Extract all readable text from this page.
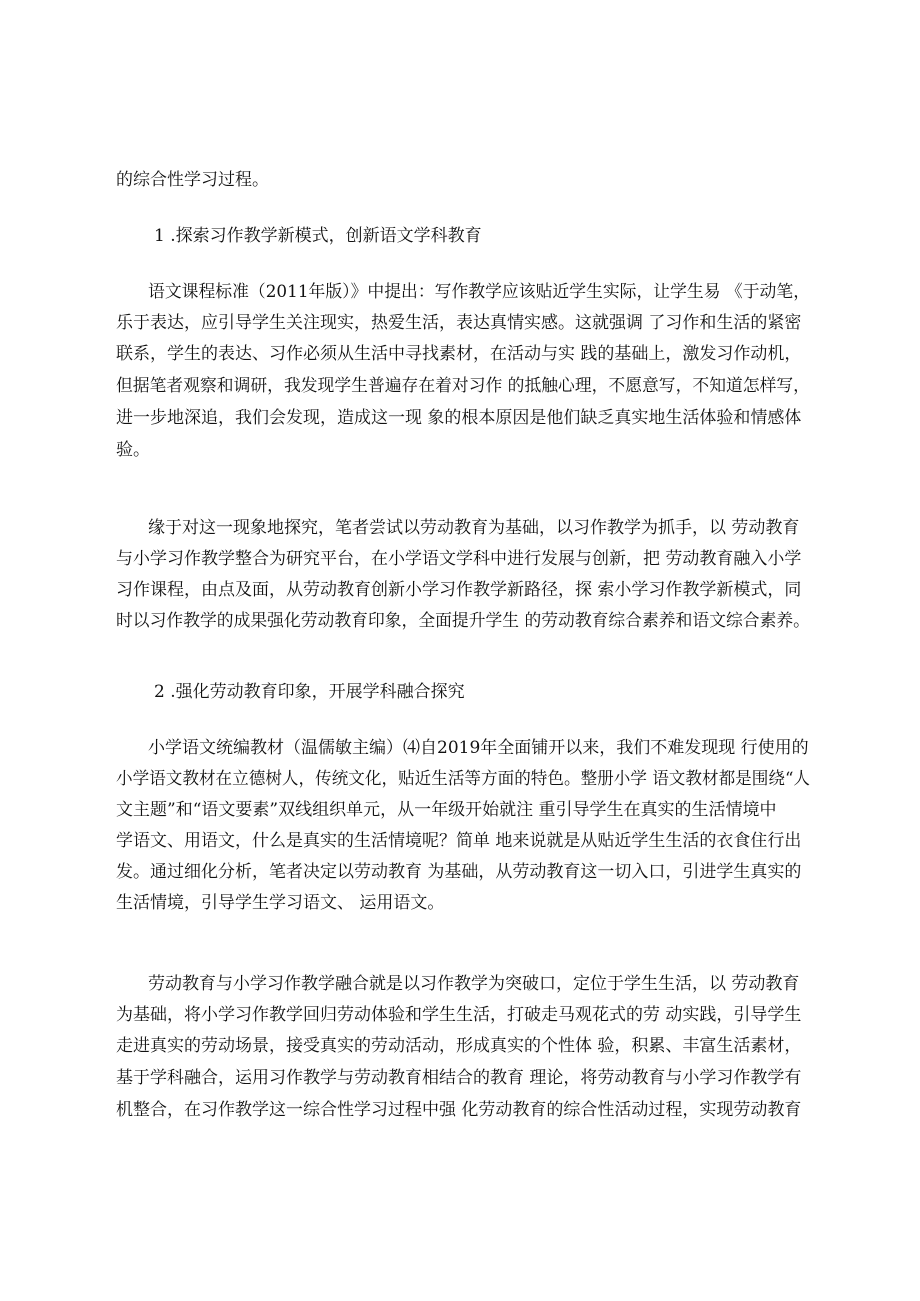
的综合性学习过程。
1 .探索习作教学新模式，创新语文学科教育
语文课程标准（2011年版）》中提出：写作教学应该贴近学生实际，让学生易 《于动笔，
乐于表达，应引导学生关注现实，热爱生活，表达真情实感。这就强调 了习作和生活的紧密
联系，学生的表达、习作必须从生活中寻找素材，在活动与实 践的基础上，激发习作动机，
但据笔者观察和调研，我发现学生普遍存在着对习作 的抵触心理，不愿意写，不知道怎样写，
进一步地深追，我们会发现，造成这一现 象的根本原因是他们缺乏真实地生活体验和情感体
验。
缘于对这一现象地探究，笔者尝试以劳动教育为基础，以习作教学为抓手，以 劳动教育
与小学习作教学整合为研究平台，在小学语文学科中进行发展与创新，把 劳动教育融入小学
习作课程，由点及面，从劳动教育创新小学习作教学新路径，探 索小学习作教学新模式，同
时以习作教学的成果强化劳动教育印象，全面提升学生 的劳动教育综合素养和语文综合素养。
2 .强化劳动教育印象，开展学科融合探究
小学语文统编教材（温儒敏主编）⑷自2019年全面铺开以来，我们不难发现现 行使用的
小学语文教材在立德树人，传统文化，贴近生活等方面的特色。整册小学 语文教材都是围绕“人
文主题”和“语文要素”双线组织单元，从一年级开始就注 重引导学生在真实的生活情境中
学语文、用语文，什么是真实的生活情境呢？简单 地来说就是从贴近学生生活的衣食住行出
发。通过细化分析，笔者决定以劳动教育 为基础，从劳动教育这一切入口，引进学生真实的
生活情境，引导学生学习语文、 运用语文。
劳动教育与小学习作教学融合就是以习作教学为突破口，定位于学生生活，以 劳动教育
为基础，将小学习作教学回归劳动体验和学生生活，打破走马观花式的劳 动实践，引导学生
走进真实的劳动场景，接受真实的劳动活动，形成真实的个性体 验，积累、丰富生活素材，
基于学科融合，运用习作教学与劳动教育相结合的教育 理论，将劳动教育与小学习作教学有
机整合，在习作教学这一综合性学习过程中强 化劳动教育的综合性活动过程，实现劳动教育
